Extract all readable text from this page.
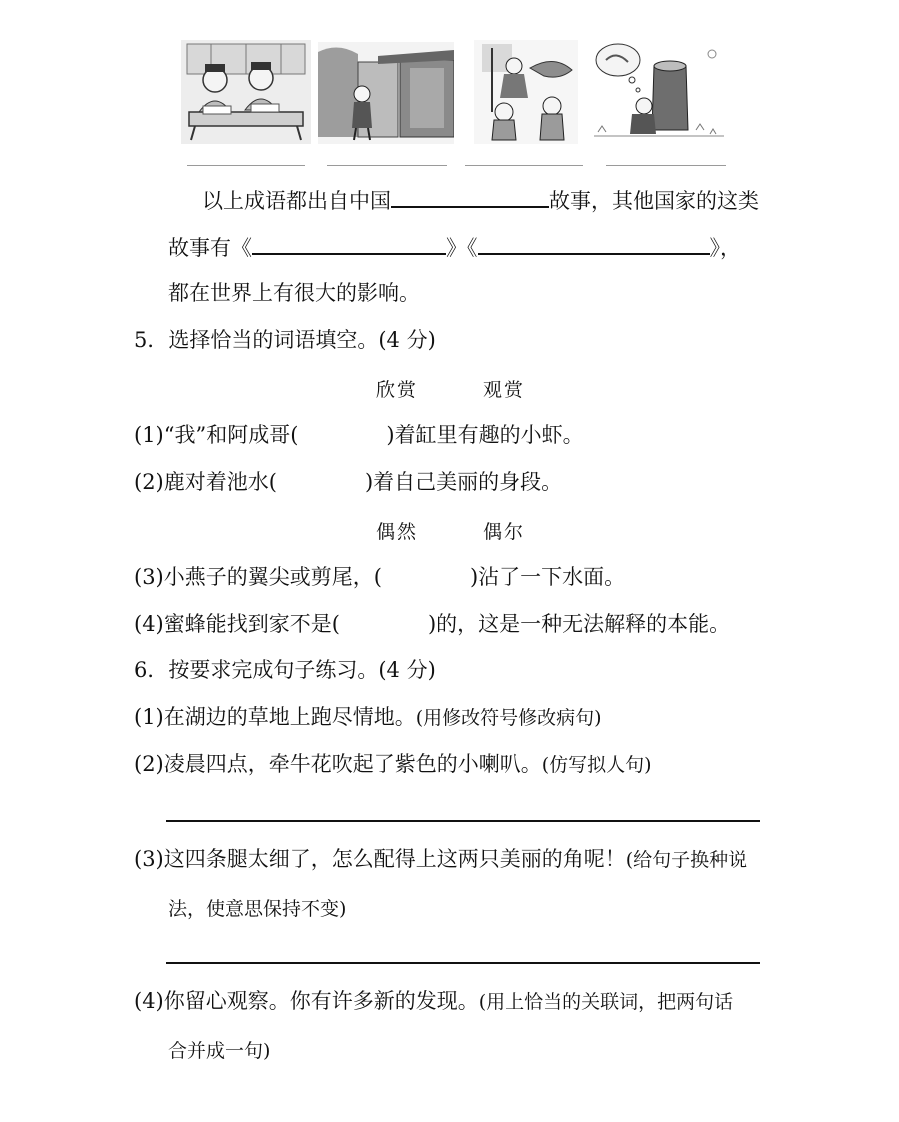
以上成语都出自中国	故事，其他国家的这类
故事有《	》《	》，
都在世界上有很大的影响。
5．选择恰当的词语填空。(4 分)
欣赏	观赏
(1)“我”和阿成哥(	)着缸里有趣的小虾。
(2)鹿对着池水(	)着自己美丽的身段。
偶然	偶尔
(3)小燕子的翼尖或剪尾，(	)沾了一下水面。
(4)蜜蜂能找到家不是(	)的，这是一种无法解释的本能。
6．按要求完成句子练习。(4 分)
(1)在湖边的草地上跑尽情地。(用修改符号修改病句)
(2)凌晨四点，牵牛花吹起了紫色的小喇叭。(仿写拟人句)
(3)这四条腿太细了，怎么配得上这两只美丽的角呢！(给句子换种说
法，使意思保持不变)
(4)你留心观察。你有许多新的发现。(用上恰当的关联词，把两句话
合并成一句)
